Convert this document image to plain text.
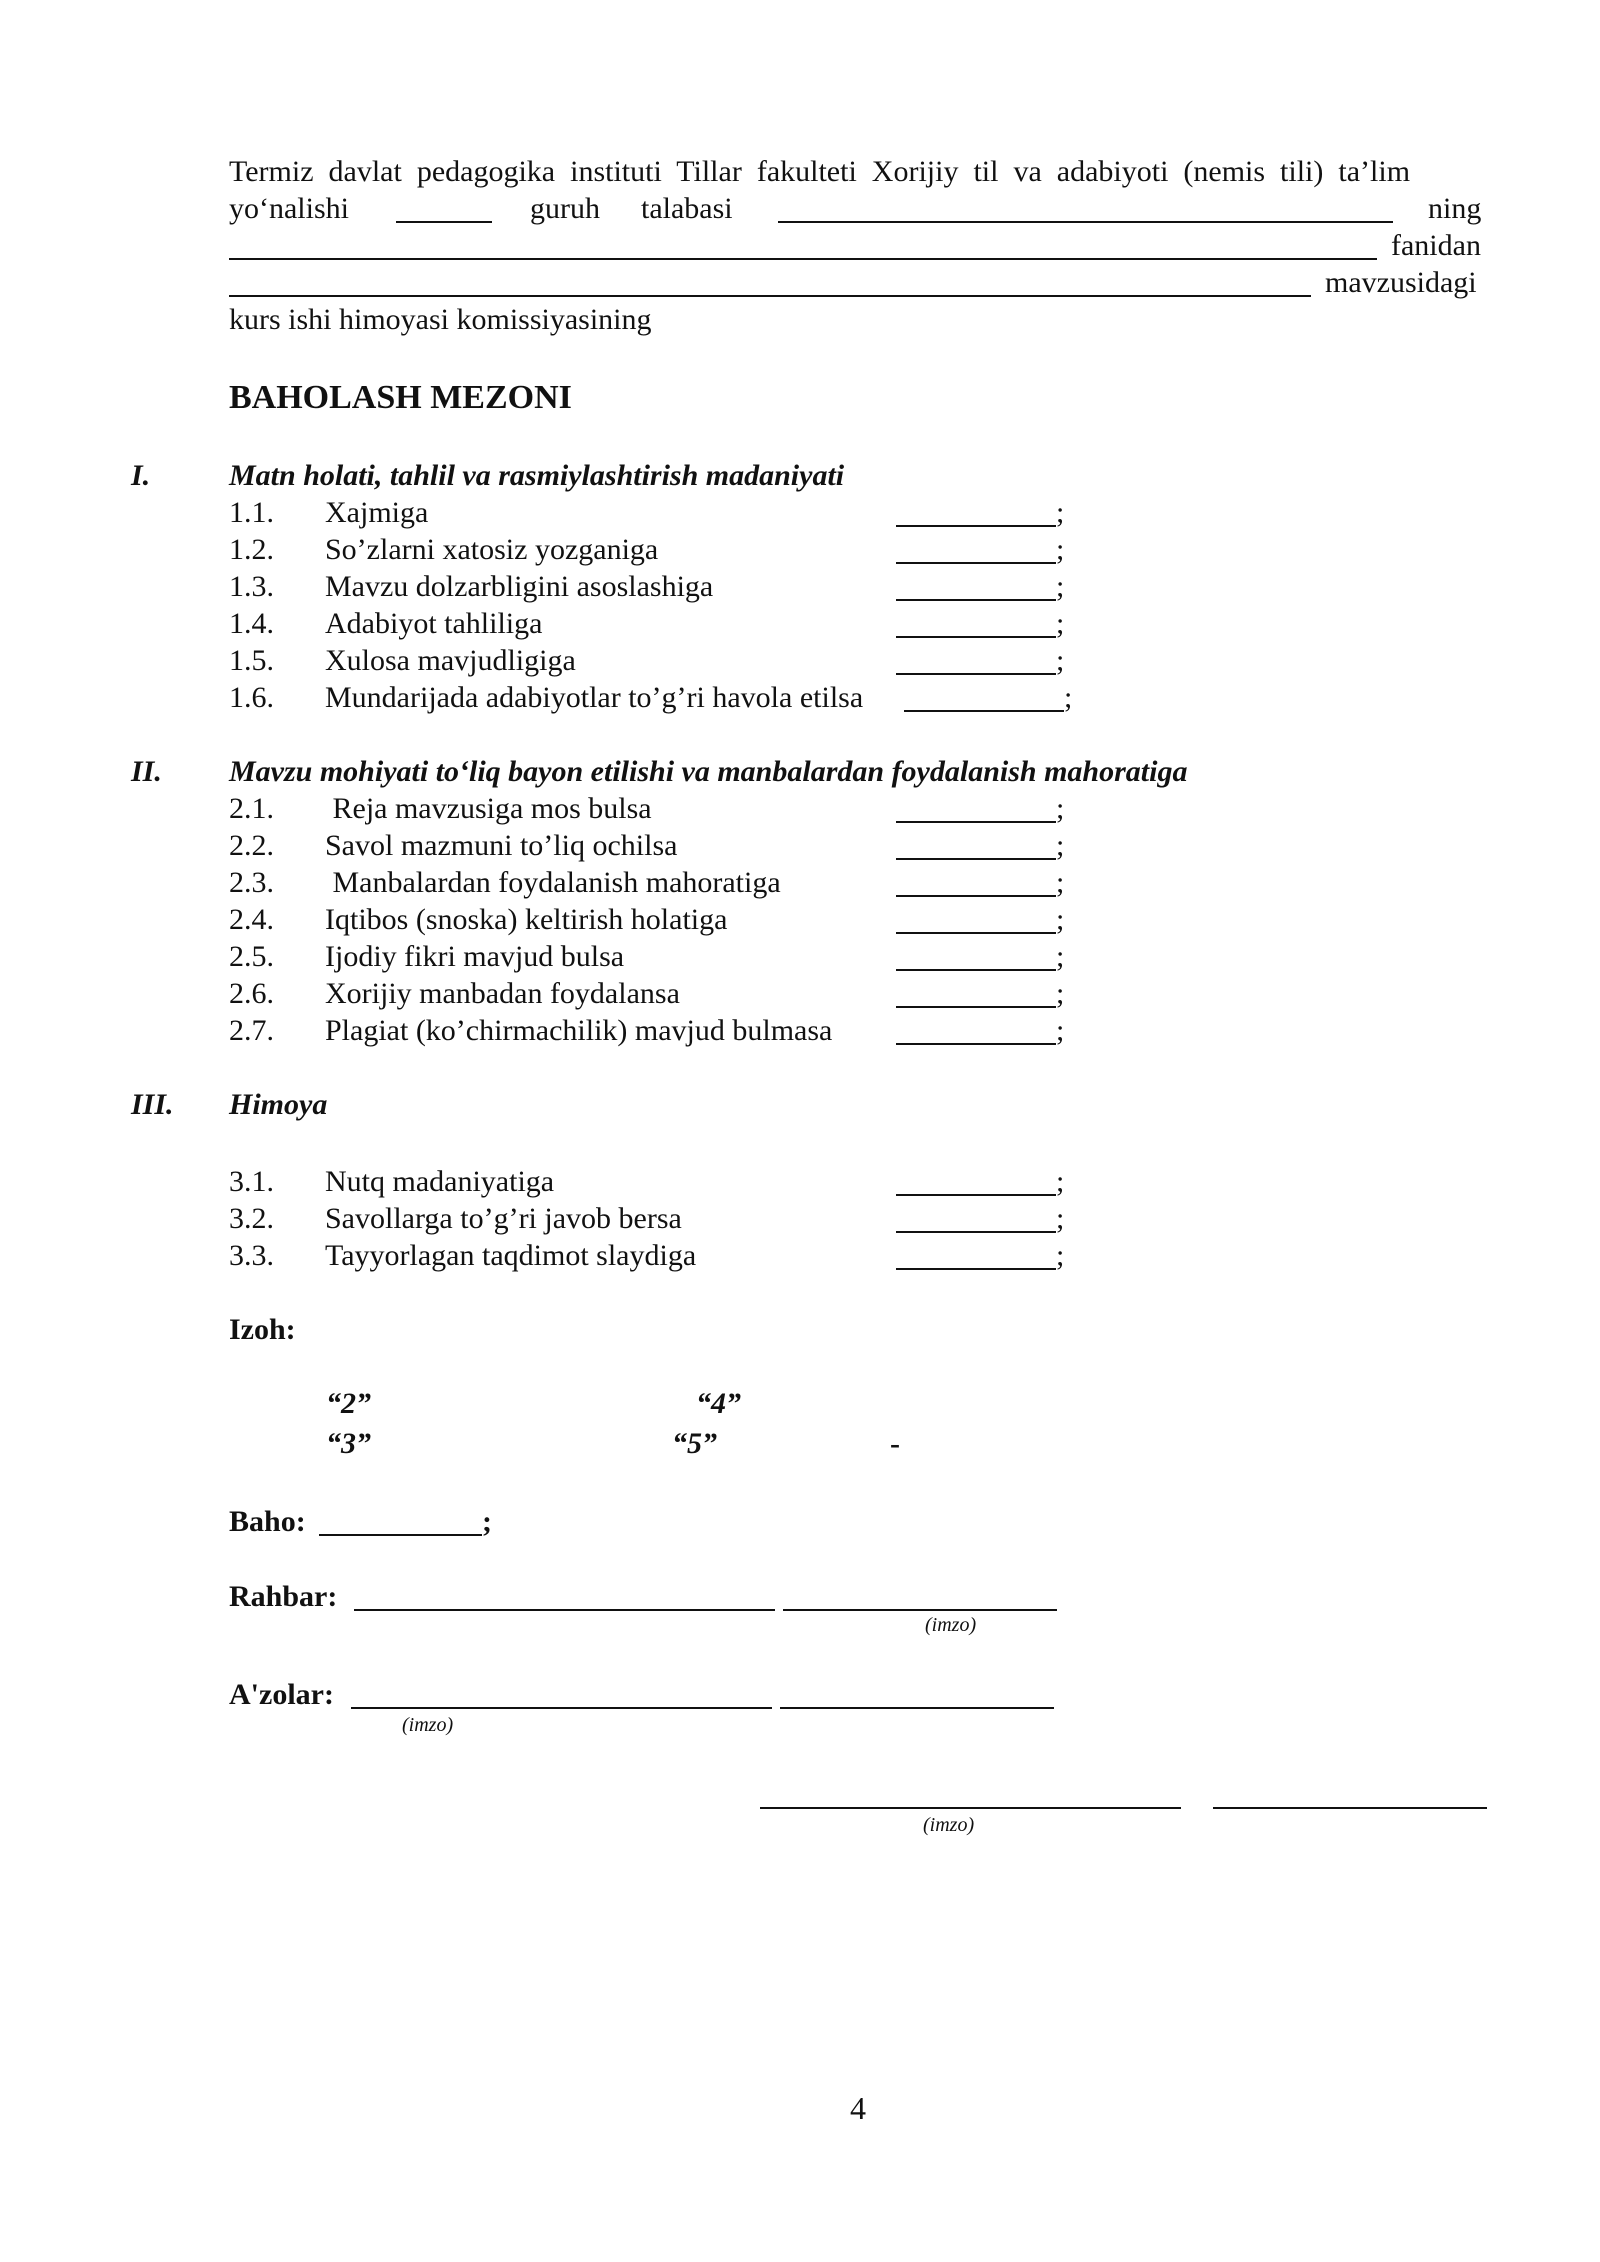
Termiz  davlat  pedagogika  instituti  Tillar  fakulteti  Xorijiy  til  va  adabiyoti  (nemis  tili)  ta’lim
yo‘nalishi	guruh talabasi	ning
fanidan
mavzusidagi
kurs ishi himoyasi komissiyasining
BAHOLASH MEZONI
I.	Matn holati, tahlil va rasmiylashtirish madaniyati
1.1. Xajmiga	;
1.2. So’zlarni xatosiz yozganiga	;
1.3. Mavzu dolzarbligini asoslashiga	;
1.4. Adabiyot tahliliga	;
1.5. Xulosa mavjudligiga	;
1.6. Mundarijada adabiyotlar to’g’ri havola etilsa	;
II. Mavzu mohiyati to‘liq bayon etilishi va manbalardan foydalanish mahoratiga
2.1. Reja mavzusiga mos bulsa	;
2.2. Savol mazmuni to’liq ochilsa	;
2.3. Manbalardan foydalanish mahoratiga	;
2.4. Iqtibos (snoska) keltirish holatiga	;
2.5. Ijodiy fikri mavjud bulsa	;
2.6. Xorijiy manbadan foydalansa	;
2.7. Plagiat (ko’chirmachilik) mavjud bulmasa	;
III. Himoya
3.1. Nutq madaniyatiga	;
3.2. Savollarga to’g’ri javob bersa	;
3.3. Tayyorlagan taqdimot slaydiga	;
Izoh:
“2”	“4”
“3”	“5”	-
Baho:	;
Rahbar:
(imzo)
A'zolar:
(imzo)
(imzo)
4
